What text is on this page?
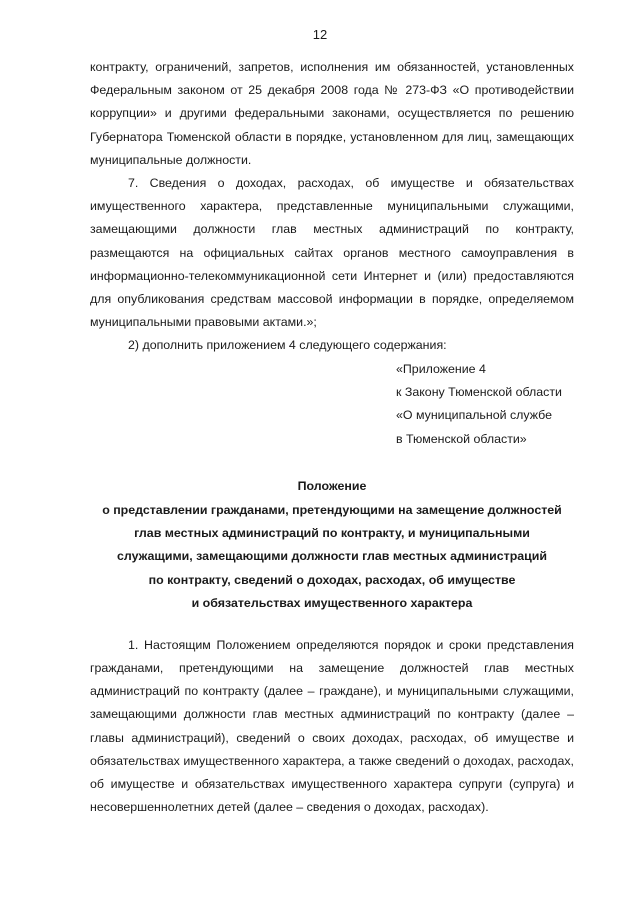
12

контракту, ограничений, запретов, исполнения им обязанностей, установленных Федеральным законом от 25 декабря 2008 года № 273-ФЗ «О противодействии коррупции» и другими федеральными законами, осуществляется по решению Губернатора Тюменской области в порядке, установленном для лиц, замещающих муниципальные должности.

7. Сведения о доходах, расходах, об имуществе и обязательствах имущественного характера, представленные муниципальными служащими, замещающими должности глав местных администраций по контракту, размещаются на официальных сайтах органов местного самоуправления в информационно-телекоммуникационной сети Интернет и (или) предоставляются для опубликования средствам массовой информации в порядке, определяемом муниципальными правовыми актами.»;

2) дополнить приложением 4 следующего содержания:

«Приложение 4
к Закону Тюменской области
«О муниципальной службе
в Тюменской области»
Положение
о представлении гражданами, претендующими на замещение должностей
глав местных администраций по контракту, и муниципальными
служащими, замещающими должности глав местных администраций
по контракту, сведений о доходах, расходах, об имуществе
и обязательствах имущественного характера

1. Настоящим Положением определяются порядок и сроки представления гражданами, претендующими на замещение должностей глав местных администраций по контракту (далее – граждане), и муниципальными служащими, замещающими должности глав местных администраций по контракту (далее – главы администраций), сведений о своих доходах, расходах, об имуществе и обязательствах имущественного характера, а также сведений о доходах, расходах, об имуществе и обязательствах имущественного характера супруги (супруга) и несовершеннолетних детей (далее – сведения о доходах, расходах).
